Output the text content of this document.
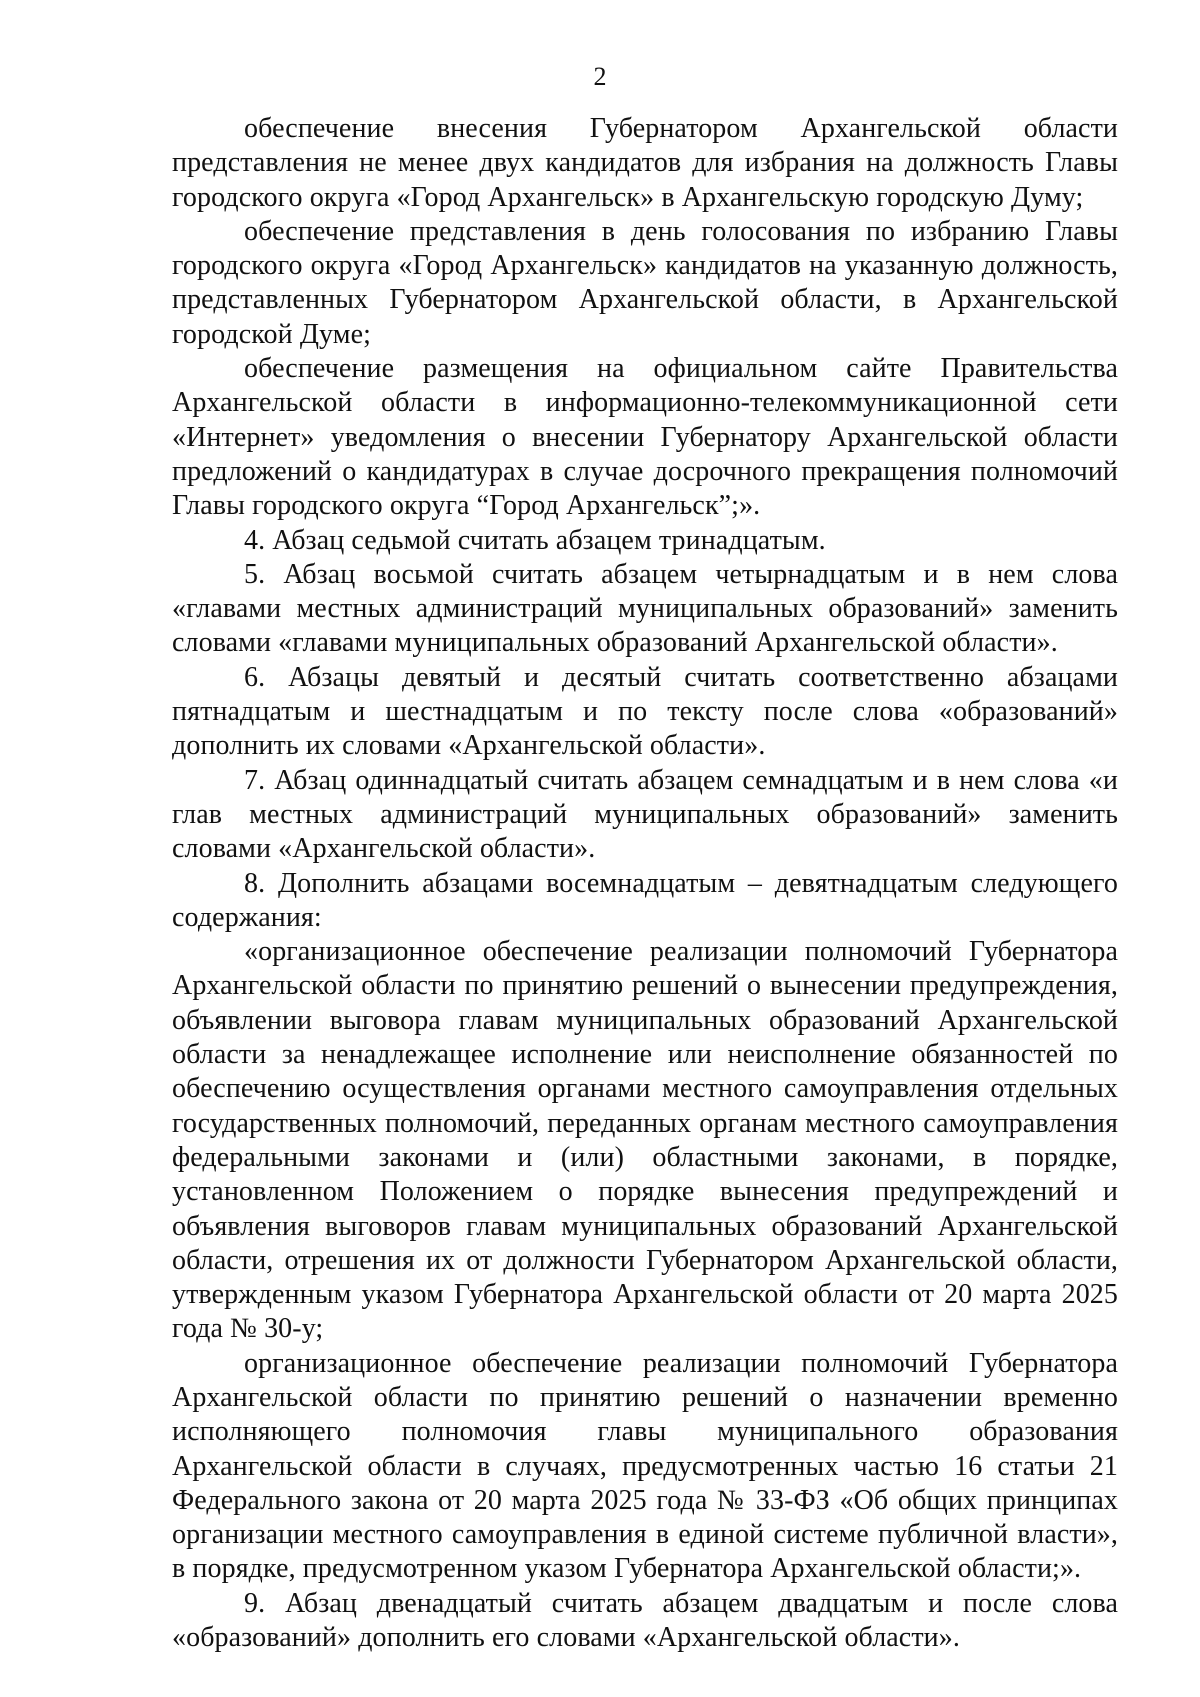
2

обеспечение внесения Губернатором Архангельской области представления не менее двух кандидатов для избрания на должность Главы городского округа «Город Архангельск» в Архангельскую городскую Думу;

обеспечение представления в день голосования по избранию Главы городского округа «Город Архангельск» кандидатов на указанную должность, представленных Губернатором Архангельской области, в Архангельской городской Думе;

обеспечение размещения на официальном сайте Правительства Архангельской области в информационно-телекоммуникационной сети «Интернет» уведомления о внесении Губернатору Архангельской области предложений о кандидатурах в случае досрочного прекращения полномочий Главы городского округа “Город Архангельск”;».

4. Абзац седьмой считать абзацем тринадцатым.

5. Абзац восьмой считать абзацем четырнадцатым и в нем слова «главами местных администраций муниципальных образований» заменить словами «главами муниципальных образований Архангельской области».

6. Абзацы девятый и десятый считать соответственно абзацами пятнадцатым и шестнадцатым и по тексту после слова «образований» дополнить их словами «Архангельской области».

7. Абзац одиннадцатый считать абзацем семнадцатым и в нем слова «и глав местных администраций муниципальных образований» заменить словами «Архангельской области».

8. Дополнить абзацами восемнадцатым – девятнадцатым следующего содержания:

«организационное обеспечение реализации полномочий Губернатора Архангельской области по принятию решений о вынесении предупреждения, объявлении выговора главам муниципальных образований Архангельской области за ненадлежащее исполнение или неисполнение обязанностей по обеспечению осуществления органами местного самоуправления отдельных государственных полномочий, переданных органам местного самоуправления федеральными законами и (или) областными законами, в порядке, установленном Положением о порядке вынесения предупреждений и объявления выговоров главам муниципальных образований Архангельской области, отрешения их от должности Губернатором Архангельской области, утвержденным указом Губернатора Архангельской области от 20 марта 2025 года № 30-у;

организационное обеспечение реализации полномочий Губернатора Архангельской области по принятию решений о назначении временно исполняющего полномочия главы муниципального образования Архангельской области в случаях, предусмотренных частью 16 статьи 21 Федерального закона от 20 марта 2025 года № 33-ФЗ «Об общих принципах организации местного самоуправления в единой системе публичной власти», в порядке, предусмотренном указом Губернатора Архангельской области;».

9. Абзац двенадцатый считать абзацем двадцатым и после слова «образований» дополнить его словами «Архангельской области».
